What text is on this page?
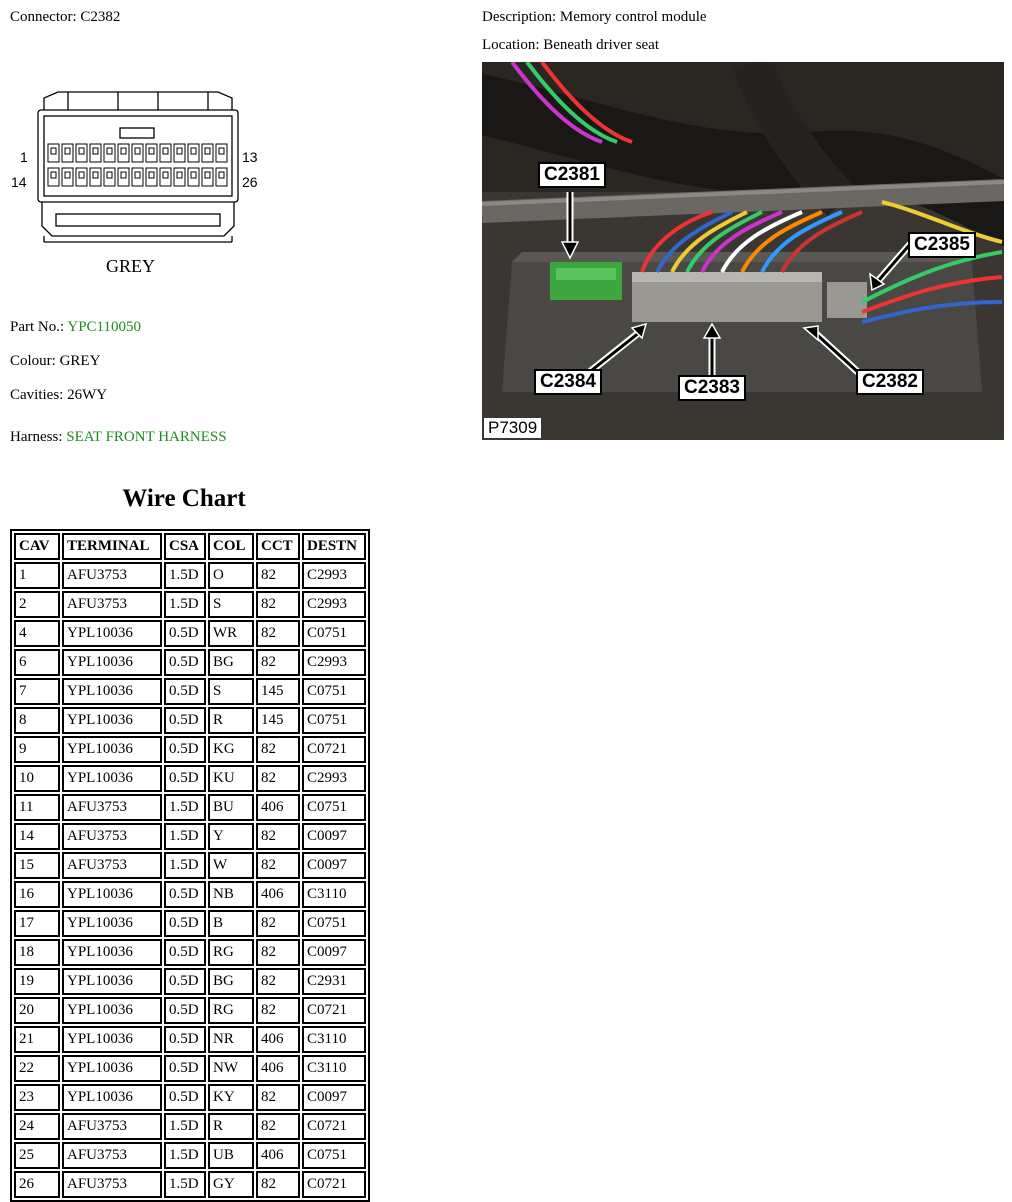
Connector: C2382	Description: Memory control module
Location: Beneath driver seat
1
14
13
26
GREY
Part No.: YPC110050
Colour: GREY
Cavities: 26WY
Harness: SEAT FRONT HARNESS
C2381
C2385
C2384	C2383	C2382
P7309
Wire Chart
CAV	TERMINAL	CSA	COL	CCT	DESTN
1	AFU3753	1.5D	O	82	C2993
2	AFU3753	1.5D	S	82	C2993
4	YPL10036	0.5D	WR	82	C0751
6	YPL10036	0.5D	BG	82	C2993
7	YPL10036	0.5D	S	145	C0751
8	YPL10036	0.5D	R	145	C0751
9	YPL10036	0.5D	KG	82	C0721
10	YPL10036	0.5D	KU	82	C2993
11	AFU3753	1.5D	BU	406	C0751
14	AFU3753	1.5D	Y	82	C0097
15	AFU3753	1.5D	W	82	C0097
16	YPL10036	0.5D	NB	406	C3110
17	YPL10036	0.5D	B	82	C0751
18	YPL10036	0.5D	RG	82	C0097
19	YPL10036	0.5D	BG	82	C2931
20	YPL10036	0.5D	RG	82	C0721
21	YPL10036	0.5D	NR	406	C3110
22	YPL10036	0.5D	NW	406	C3110
23	YPL10036	0.5D	KY	82	C0097
24	AFU3753	1.5D	R	82	C0721
25	AFU3753	1.5D	UB	406	C0751
26	AFU3753	1.5D	GY	82	C0721
